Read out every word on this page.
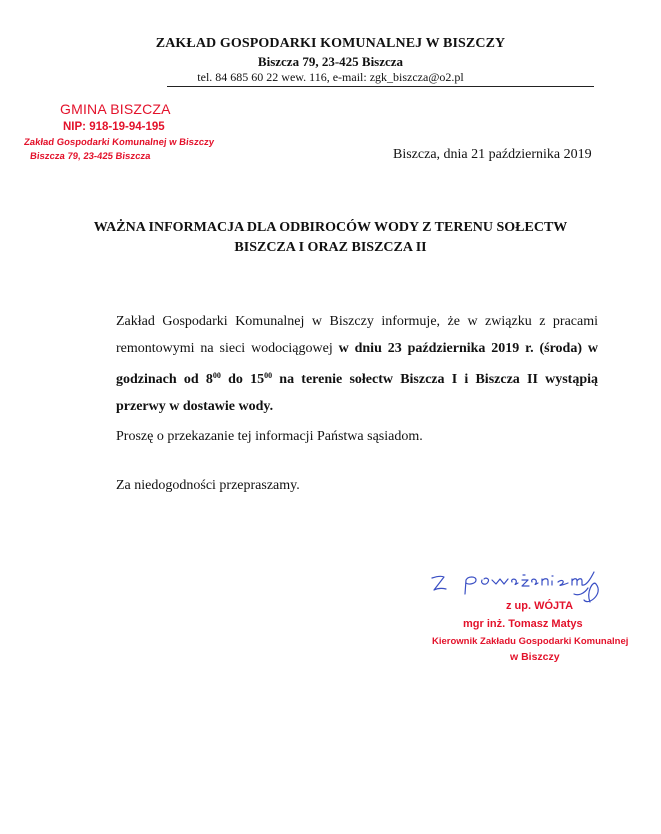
ZAKŁAD GOSPODARKI KOMUNALNEJ W BISZCZY
Biszcza 79, 23-425 Biszcza
tel. 84 685 60 22 wew. 116, e-mail: zgk_biszcza@o2.pl
GMINA BISZCZA
NIP: 918-19-94-195
Zakład Gospodarki Komunalnej w Biszczy
Biszcza 79, 23-425 Biszcza	Biszcza, dnia 21 października 2019
WAŻNA INFORMACJA DLA ODBIROCÓW WODY Z TERENU SOŁECTW
BISZCZA I ORAZ BISZCZA II
Zakład Gospodarki Komunalnej w Biszczy informuje, że w związku z pracami remontowymi na sieci wodociągowej w dniu 23 października 2019 r. (środa) w godzinach od $8^{00}$ do $15^{00}$ na terenie sołectw Biszcza I i Biszcza II wystąpią przerwy w dostawie wody.
Proszę o przekazanie tej informacji Państwa sąsiadom.
Za niedogodności przepraszamy.
z up. WÓJTA
mgr inż. Tomasz Matys
Kierownik Zakładu Gospodarki Komunalnej
w Biszczy
